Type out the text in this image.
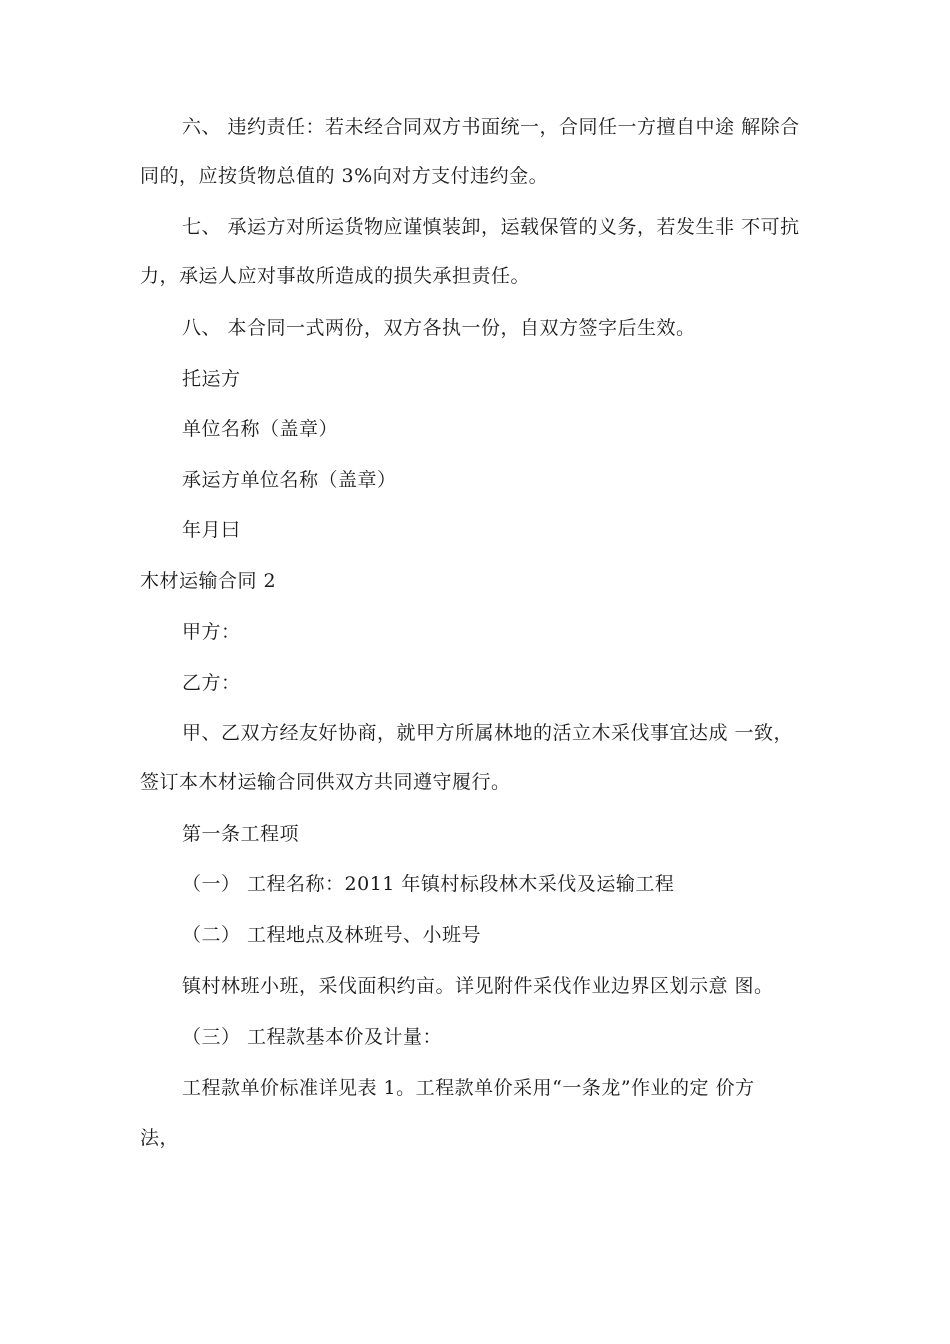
六、 违约责任：若未经合同双方书面统一，合同任一方擅自中途 解除合
同的，应按货物总值的 3%向对方支付违约金。
七、 承运方对所运货物应谨慎装卸，运载保管的义务，若发生非 不可抗
力，承运人应对事故所造成的损失承担责任。
八、 本合同一式两份，双方各执一份，自双方签字后生效。
托运方
单位名称（盖章）
承运方单位名称（盖章）
年月曰
木材运输合同 2
甲方：
乙方：
甲、乙双方经友好协商，就甲方所属林地的活立木采伐事宜达成 一致，
签订本木材运输合同供双方共同遵守履行。
第一条工程项
（一） 工程名称：2011 年镇村标段林木采伐及运输工程
（二） 工程地点及林班号、小班号
镇村林班小班，采伐面积约亩。详见附件采伐作业边界区划示意 图。
（三） 工程款基本价及计量：
工程款单价标准详见表 1。工程款单价采用“一条龙”作业的定 价方
法，
